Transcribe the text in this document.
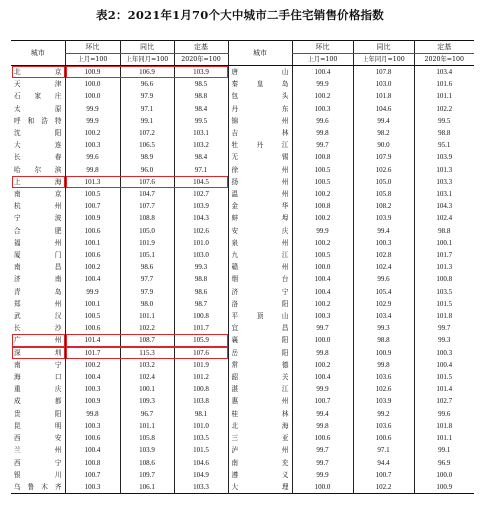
表2：2021年1月70个大中城市二手住宅销售价格指数
城市	环比	同比	定基	城市	环比	同比	定基
	上月=100	上年同月=100	2020年=100		上月=100	上年同月=100	2020年=100
北　京	100.9	106.9	103.9	唐　山	100.4	107.8	103.4
天　津	100.0	96.6	98.5	秦皇岛	99.9	103.0	101.6
石家庄	100.0	97.9	98.8	包　头	100.2	101.8	101.1
太　原	99.9	97.1	98.4	丹　东	100.3	104.6	102.2
呼和浩特	99.9	99.1	99.5	锦　州	99.6	99.4	99.5
沈　阳	100.2	107.2	103.1	吉　林	99.8	98.2	98.8
大　连	100.3	106.5	103.2	牡丹江	99.7	90.0	95.1
长　春	99.6	98.9	98.4	无　锡	100.8	107.9	103.9
哈尔滨	99.8	96.0	97.1	徐　州	100.5	102.6	101.3
上　海	101.3	107.6	104.5	扬　州	100.5	105.0	103.3
南　京	100.5	104.7	102.7	温　州	100.2	105.8	103.1
杭　州	100.7	107.7	103.9	金　华	100.8	108.2	104.3
宁　波	100.9	108.8	104.3	蚌　埠	100.2	103.9	102.4
合　肥	100.6	105.0	102.6	安　庆	99.9	99.4	98.8
福　州	100.1	101.9	101.0	泉　州	100.2	100.3	100.1
厦　门	100.6	105.1	103.0	九　江	100.5	102.8	101.7
南　昌	100.2	98.6	99.3	赣　州	100.0	102.4	101.3
济　南	100.4	97.7	98.8	烟　台	100.4	99.6	100.8
青　岛	99.9	97.9	98.6	济　宁	100.4	105.4	103.5
郑　州	100.1	98.0	98.7	洛　阳	100.2	102.9	101.5
武　汉	100.5	101.1	100.8	平顶山	100.3	103.4	101.8
长　沙	100.6	102.2	101.7	宜　昌	99.7	99.3	99.7
广　州	101.4	108.7	105.9	襄　阳	100.0	98.8	99.3
深　圳	101.7	115.3	107.6	岳　阳	99.8	100.9	100.3
南　宁	100.2	103.2	101.9	常　德	100.2	99.8	100.4
海　口	100.4	102.4	101.2	韶　关	100.4	103.6	101.5
重　庆	100.3	100.1	100.8	湛　江	99.9	102.6	101.4
成　都	100.9	109.3	103.8	惠　州	100.7	103.9	102.7
贵　阳	99.8	96.7	98.1	桂　林	99.4	99.2	99.6
昆　明	100.3	101.1	101.0	北　海	99.8	103.6	101.8
西　安	100.6	105.8	103.5	三　亚	100.6	100.6	101.1
兰　州	100.4	103.9	101.5	泸　州	99.7	97.1	99.1
西　宁	100.8	108.6	104.6	南　充	99.7	94.4	96.9
银　川	100.7	109.7	104.9	遵　义	99.9	100.7	100.0
乌鲁木齐	100.3	106.1	103.3	大　理	100.0	102.2	100.9
